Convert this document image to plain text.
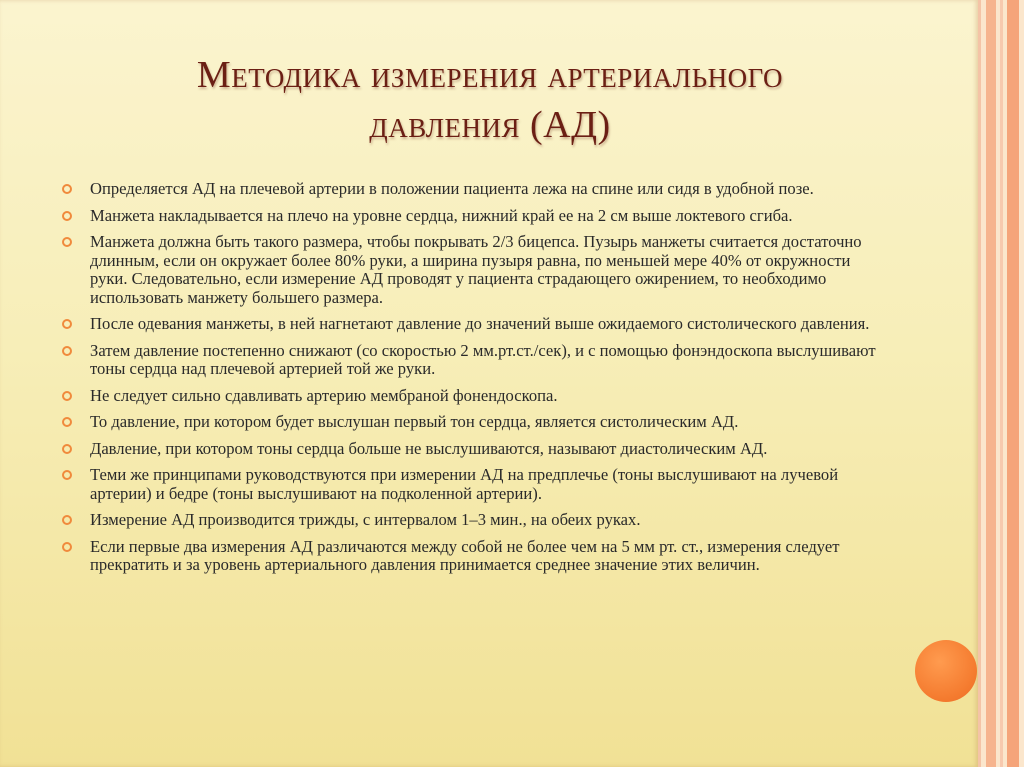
Методика измерения артериального
давления (АД)
Определяется АД на плечевой артерии в положении пациента лежа на спине или сидя в удобной позе.
Манжета накладывается на плечо на уровне сердца, нижний край ее на 2 см выше локтевого сгиба.
Манжета должна быть такого размера, чтобы покрывать 2/3 бицепса. Пузырь манжеты считается достаточно длинным, если он окружает более 80% руки, а ширина пузыря равна, по меньшей мере 40% от окружности руки. Следовательно, если измерение АД проводят у пациента страдающего ожирением, то необходимо использовать манжету большего размера.
После одевания манжеты, в ней нагнетают давление до значений выше ожидаемого систолического давления.
Затем давление постепенно снижают (со скоростью 2 мм.рт.ст./сек), и с помощью фонэндоскопа выслушивают тоны сердца над плечевой артерией той же руки.
Не следует сильно сдавливать артерию мембраной фонендоскопа.
То давление, при котором будет выслушан первый тон сердца, является систолическим АД.
Давление, при котором тоны сердца больше не выслушиваются, называют диастолическим АД.
Теми же принципами руководствуются при измерении АД на предплечье (тоны выслушивают на лучевой артерии) и бедре (тоны выслушивают на подколенной артерии).
Измерение АД производится трижды, с интервалом 1–3 мин., на обеих руках.
Если первые два измерения АД различаются между собой не более чем на 5 мм рт. ст., измерения следует прекратить и за уровень артериального давления принимается среднее значение этих величин.
